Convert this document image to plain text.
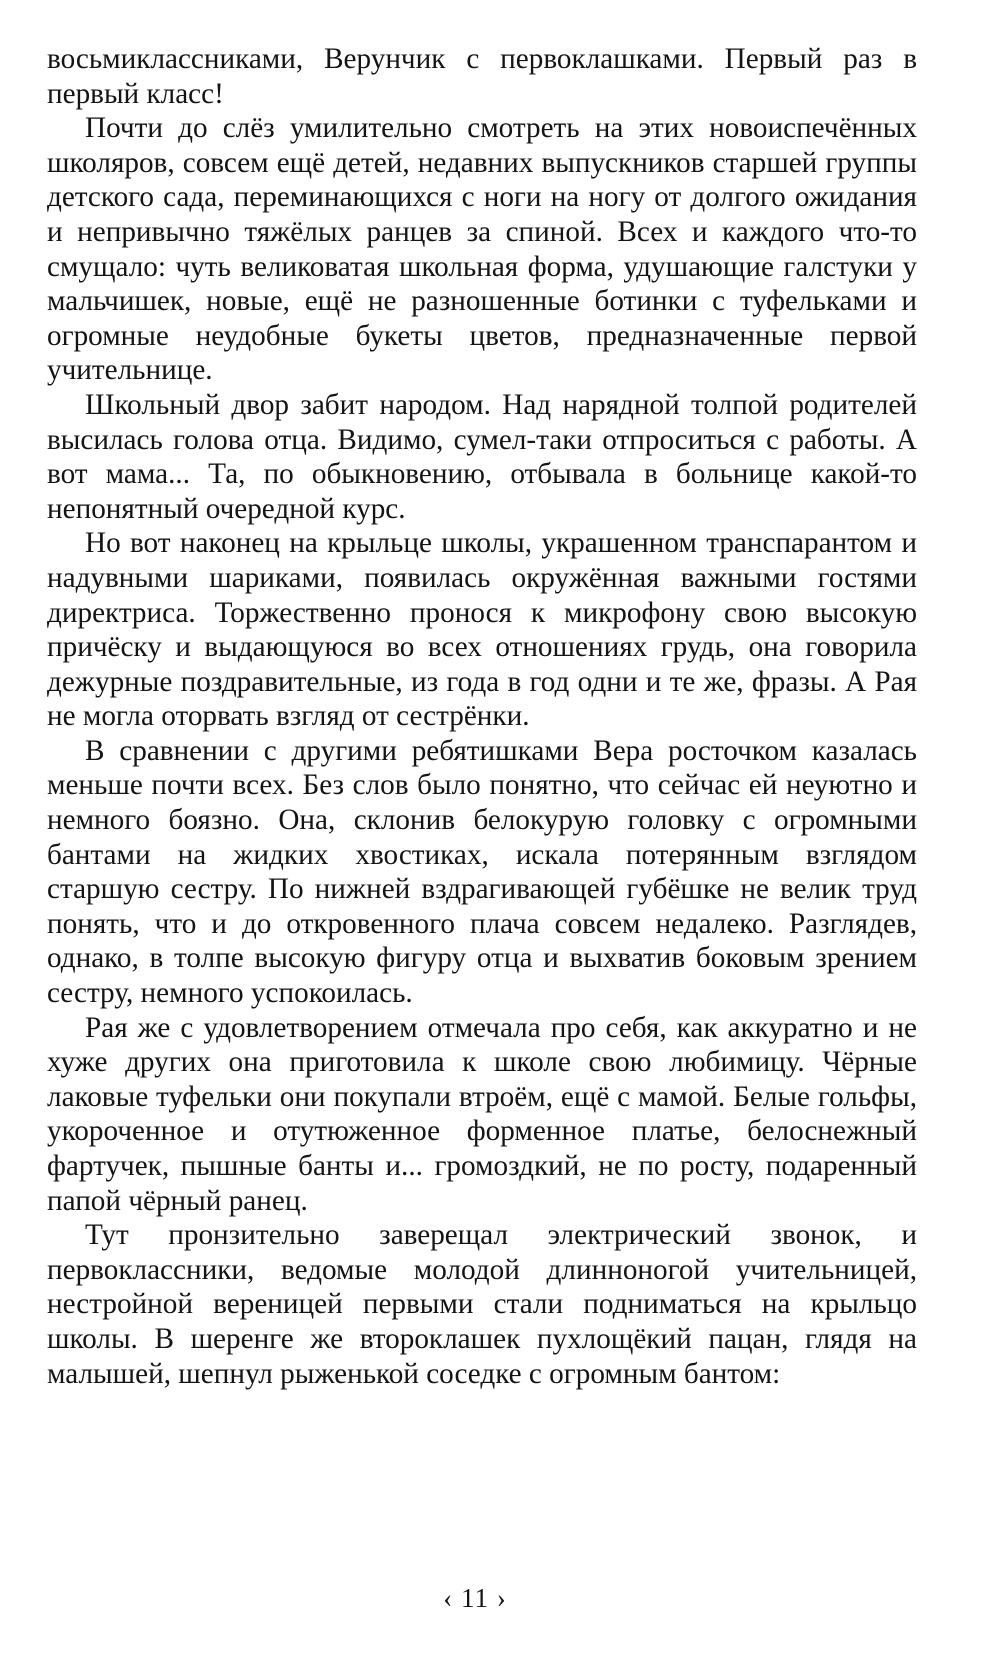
восьмиклассниками, Верунчик с первоклашками. Первый раз в первый класс!

Почти до слёз умилительно смотреть на этих новоиспечённых школяров, совсем ещё детей, недавних выпускников старшей группы детского сада, переминающихся с ноги на ногу от долгого ожидания и непривычно тяжёлых ранцев за спиной. Всех и каждого что-то смущало: чуть великоватая школьная форма, удушающие галстуки у мальчишек, новые, ещё не разношенные ботинки с туфельками и огромные неудобные букеты цветов, предназначенные первой учительнице.

Школьный двор забит народом. Над нарядной толпой родителей высилась голова отца. Видимо, сумел-таки отпроситься с работы. А вот мама... Та, по обыкновению, отбывала в больнице какой-то непонятный очередной курс.

Но вот наконец на крыльце школы, украшенном транспарантом и надувными шариками, появилась окружённая важными гостями директриса. Торжественно пронося к микрофону свою высокую причёску и выдающуюся во всех отношениях грудь, она говорила дежурные поздравительные, из года в год одни и те же, фразы. А Рая не могла оторвать взгляд от сестрёнки.

В сравнении с другими ребятишками Вера росточком казалась меньше почти всех. Без слов было понятно, что сейчас ей неуютно и немного боязно. Она, склонив белокурую головку с огромными бантами на жидких хвостиках, искала потерянным взглядом старшую сестру. По нижней вздрагивающей губёшке не велик труд понять, что и до откровенного плача совсем недалеко. Разглядев, однако, в толпе высокую фигуру отца и выхватив боковым зрением сестру, немного успокоилась.

Рая же с удовлетворением отмечала про себя, как аккуратно и не хуже других она приготовила к школе свою любимицу. Чёрные лаковые туфельки они покупали втроём, ещё с мамой. Белые гольфы, укороченное и отутюженное форменное платье, белоснежный фартучек, пышные банты и... громоздкий, не по росту, подаренный папой чёрный ранец.

Тут пронзительно заверещал электрический звонок, и первоклассники, ведомые молодой длинноногой учительницей, нестройной вереницей первыми стали подниматься на крыльцо школы. В шеренге же второклашек пухлощёкий пацан, глядя на малышей, шепнул рыженькой соседке с огромным бантом:

‹ 11 ›
